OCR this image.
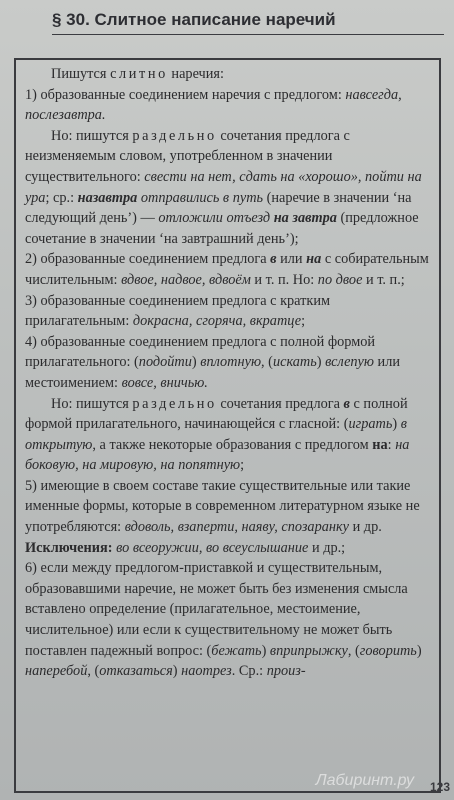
§ 30. Слитное написание наречий

Пишутся слитно наречия:

1) образованные соединением наречия с предлогом: навсегда, послезавтра.

Но: пишутся раздельно сочетания предлога с неизменяемым словом, употребленном в значении существительного: свести на нет, сдать на «хорошо», пойти на ура; ср.: назавтра отправились в путь (наречие в значении ‘на следующий день’) — отложили отъезд на завтра (предложное сочетание в значении ‘на завтрашний день’);

2) образованные соединением предлога в или на с собирательным числительным: вдвое, надвое, вдвоём и т. п. Но: по двое и т. п.;

3) образованные соединением предлога с кратким прилагательным: докрасна, сгоряча, вкратце;

4) образованные соединением предлога с полной формой прилагательного: (подойти) вплотную, (искать) вслепую или местоимением: вовсе, вничью.

Но: пишутся раздельно сочетания предлога в с полной формой прилагательного, начинающейся с гласной: (играть) в открытую, а также некоторые образования с предлогом на: на боковую, на мировую, на попятную;

5) имеющие в своем составе такие существительные или такие именные формы, которые в современном литературном языке не употребляются: вдоволь, взаперти, наяву, спозаранку и др. Исключения: во всеоружии, во всеуслышание и др.;

6) если между предлогом-приставкой и существительным, образовавшими наречие, не может быть без изменения смысла вставлено определение (прилагательное, местоимение, числительное) или если к существительному не может быть поставлен падежный вопрос: (бежать) вприпрыжку, (говорить) наперебой, (отказаться) наотрез. Ср.: произ-

Лабиринт.ру 123
